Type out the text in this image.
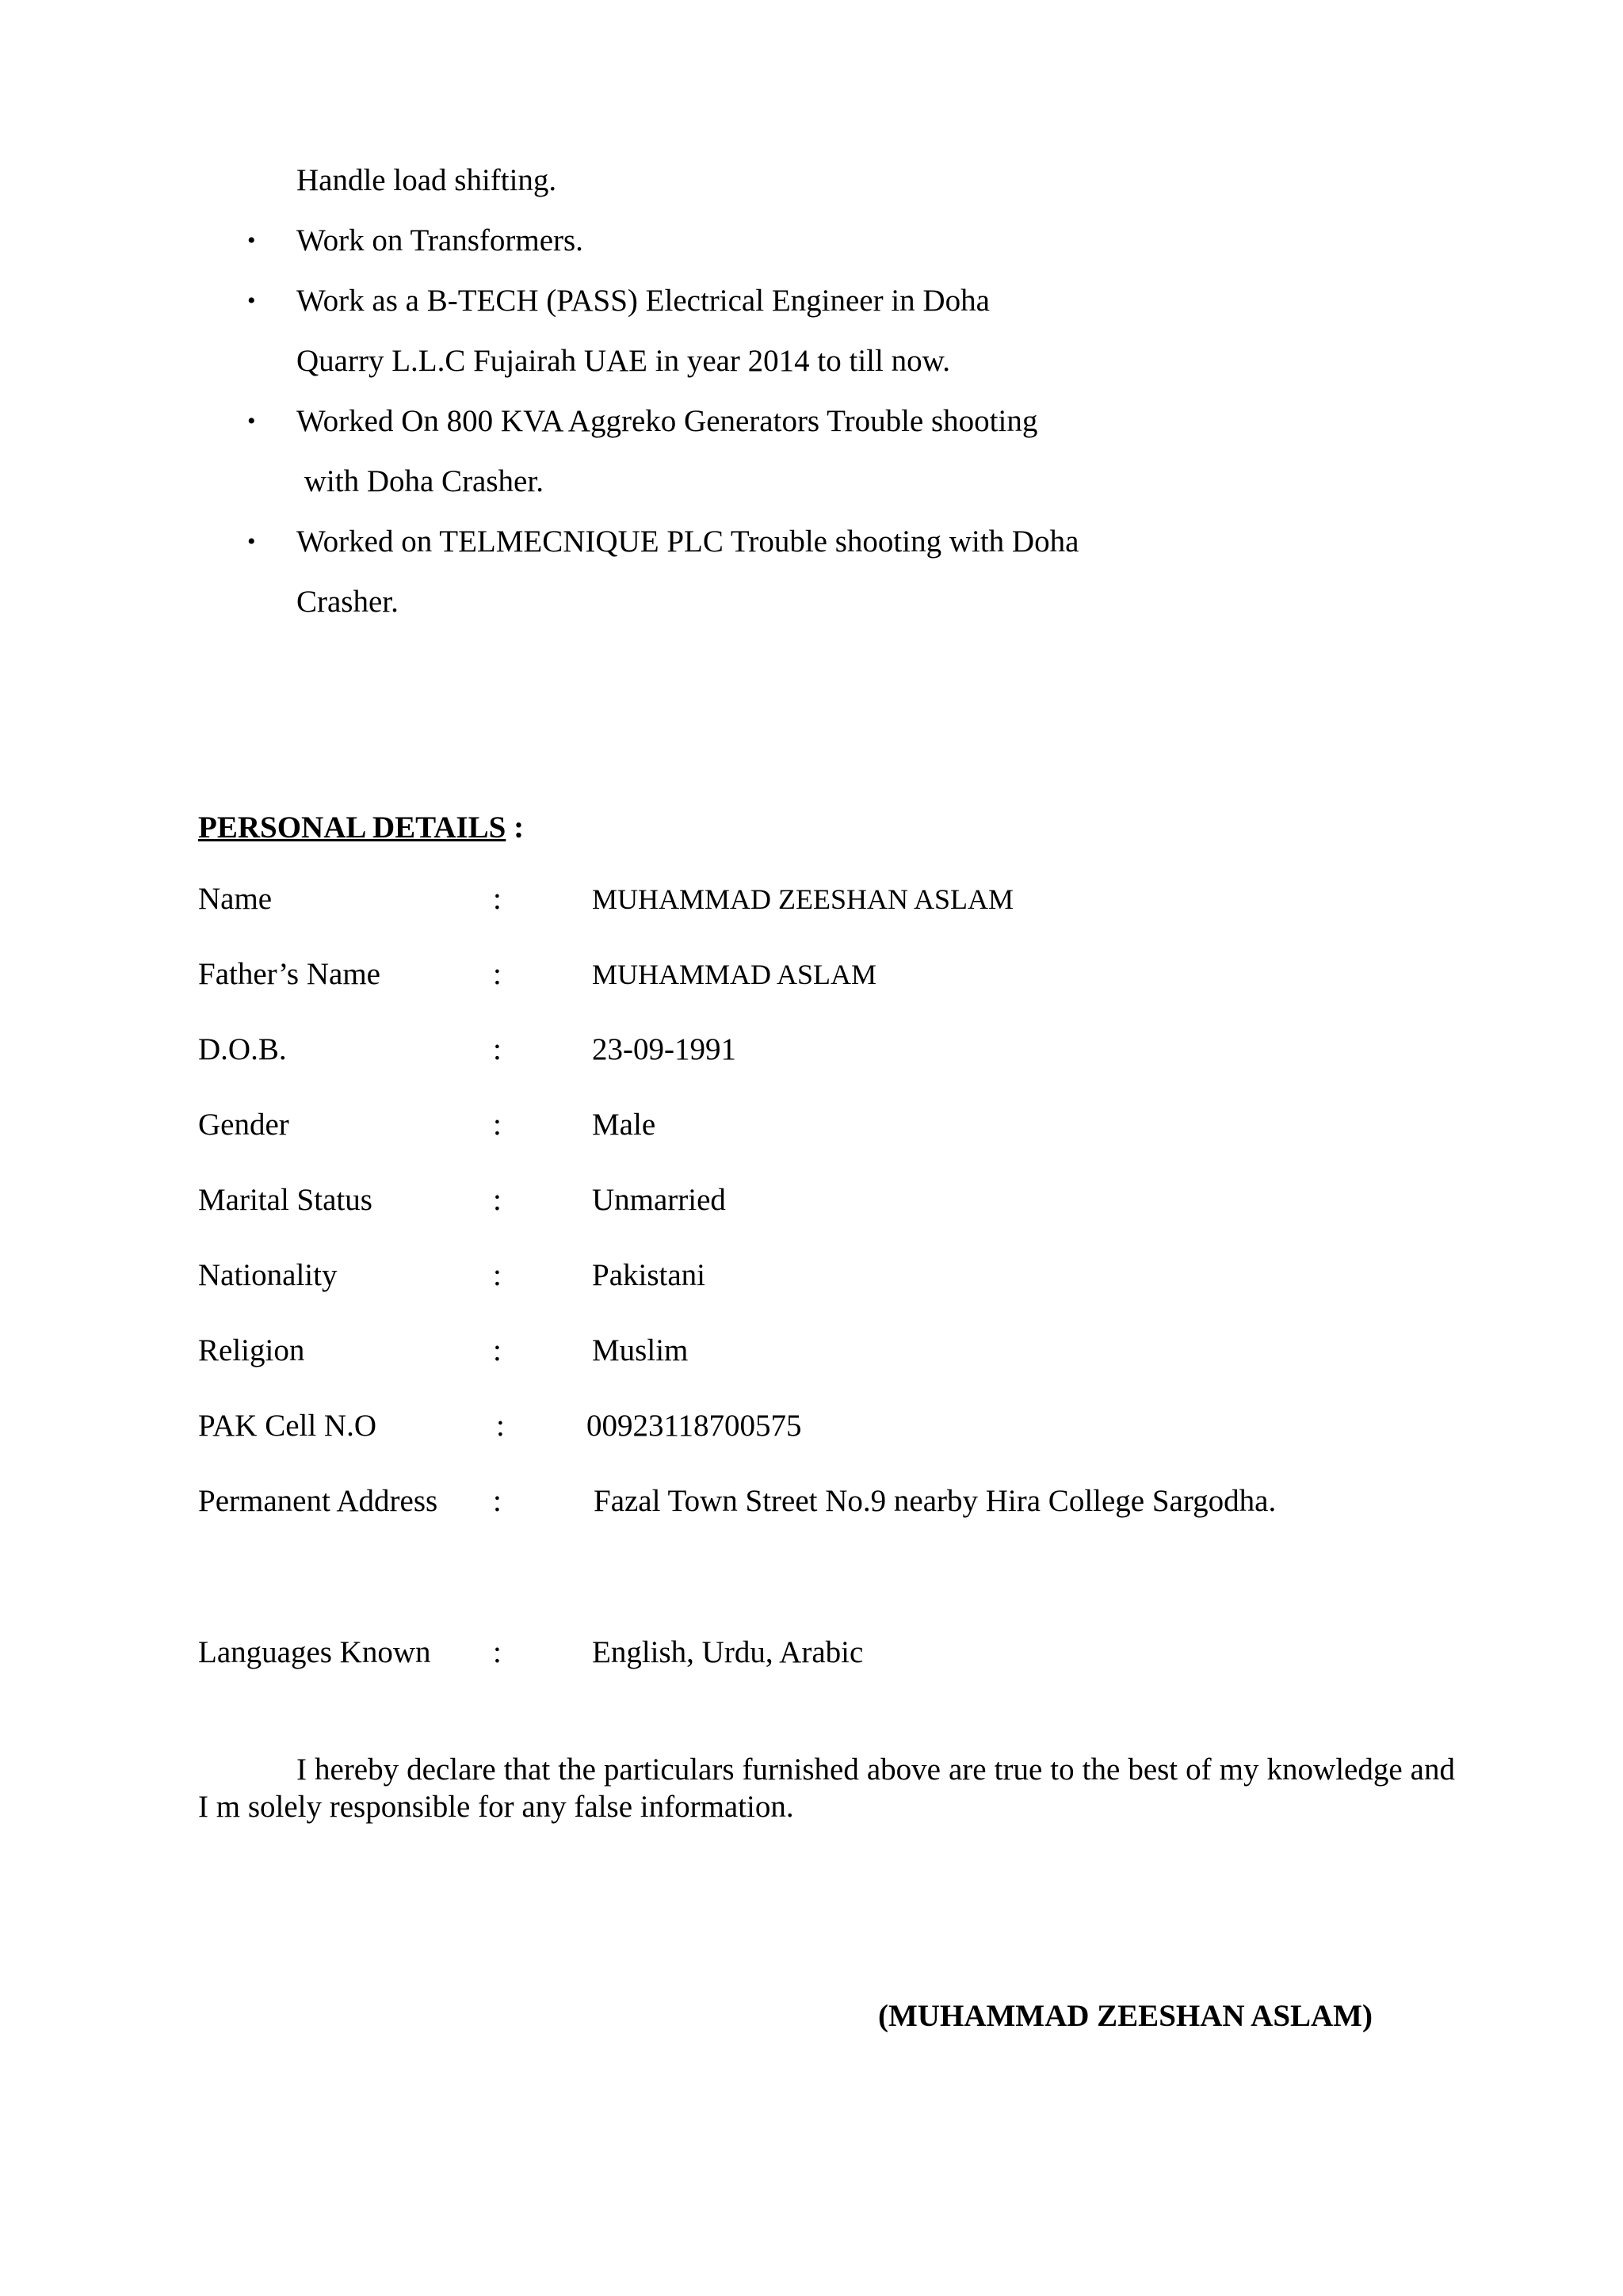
Handle load shifting.
• Work on Transformers.
• Work as a B-TECH (PASS) Electrical Engineer in Doha
Quarry L.L.C Fujairah UAE in year 2014 to till now.
• Worked On 800 KVA Aggreko Generators Trouble shooting
with Doha Crasher.
• Worked on TELMECNIQUE PLC Trouble shooting with Doha
Crasher.
PERSONAL DETAILS :
Name	:	MUHAMMAD ZEESHAN ASLAM
Father’s Name	:	MUHAMMAD ASLAM
D.O.B.	:	23-09-1991
Gender	:	Male
Marital Status	:	Unmarried
Nationality	:	Pakistani
Religion	:	Muslim
PAK Cell N.O	:	00923118700575
Permanent Address :	Fazal Town Street No.9 nearby Hira College Sargodha.
Languages Known :	English, Urdu, Arabic
I hereby declare that the particulars furnished above are true to the best of my knowledge and I m solely responsible for any false information.
(MUHAMMAD ZEESHAN ASLAM)
